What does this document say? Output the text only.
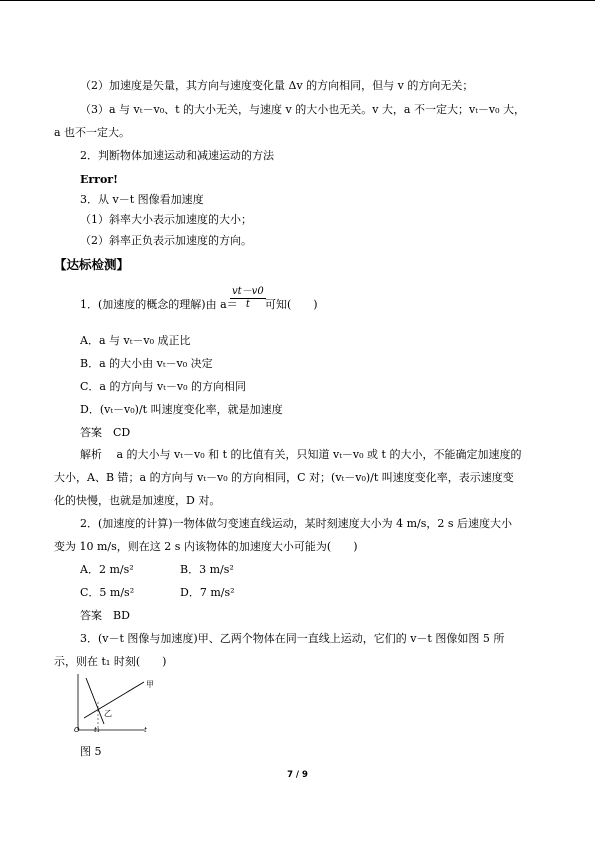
（2）加速度是矢量，其方向与速度变化量 Δv 的方向相同，但与 v 的方向无关；
（3）a 与 vₜ－v₀、t 的大小无关，与速度 v 的大小也无关。v 大，a 不一定大；vₜ－v₀ 大，
a 也不一定大。
2．判断物体加速运动和减速运动的方法
Error!
3．从 v－t 图像看加速度
（1）斜率大小表示加速度的大小；
（2）斜率正负表示加速度的方向。
【达标检测】
1．(加速度的概念的理解)由 a＝
$\frac{vt-v0}{t}$ 可知(　　)
A．a 与 vₜ－v₀ 成正比
B．a 的大小由 vₜ－v₀ 决定
C．a 的方向与 vₜ－v₀ 的方向相同
D．(vₜ－v₀)/t 叫速度变化率，就是加速度
答案　CD
解析　 a 的大小与 vₜ－v₀ 和 t 的比值有关，只知道 vₜ－v₀ 或 t 的大小，不能确定加速度的
大小，A、B 错；a 的方向与 vₜ－v₀ 的方向相同，C 对；(vₜ－v₀)/t 叫速度变化率，表示速度变
化的快慢，也就是加速度，D 对。
2．(加速度的计算)一物体做匀变速直线运动，某时刻速度大小为 4 m/s，2 s 后速度大小
变为 10 m/s，则在这 2 s 内该物体的加速度大小可能为(　　)
A．2 m/s²	B．3 m/s²
C．5 m/s²	D．7 m/s²
答案　BD
3．(v－t 图像与加速度)甲、乙两个物体在同一直线上运动，它们的 v－t 图像如图 5 所
示，则在 t₁ 时刻(　　)
甲
乙
O t₁	t
图 5
7 / 9
